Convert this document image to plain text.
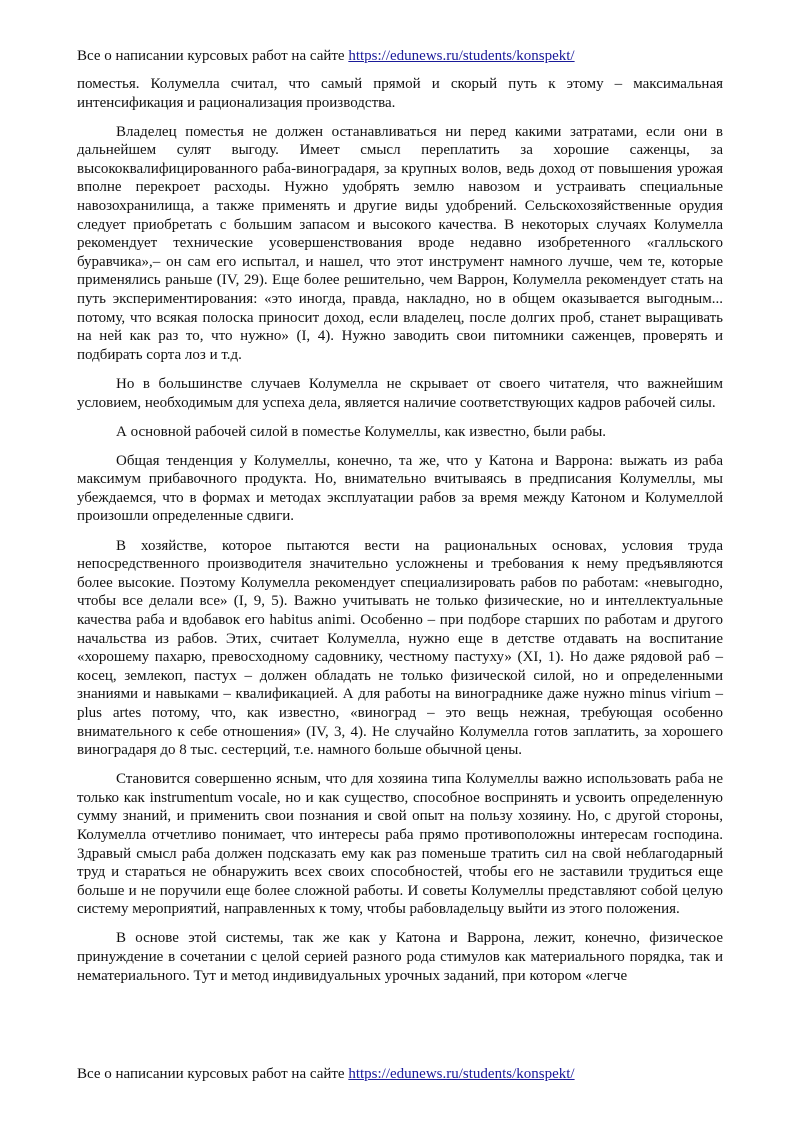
Все о написании курсовых работ на сайте https://edunews.ru/students/konspekt/

поместья. Колумелла считал, что самый прямой и скорый путь к этому – максимальная интенсификация и рационализация производства.

Владелец поместья не должен останавливаться ни перед какими затратами, если они в дальнейшем сулят выгоду. Имеет смысл переплатить за хорошие саженцы, за высококвалифицированного раба-виноградаря, за крупных волов, ведь доход от повышения урожая вполне перекроет расходы. Нужно удобрять землю навозом и устраивать специальные навозохранилища, а также применять и другие виды удобрений. Сельскохозяйственные орудия следует приобретать с большим запасом и высокого качества. В некоторых случаях Колумелла рекомендует технические усовершенствования вроде недавно изобретенного «галльского буравчика»,– он сам его испытал, и нашел, что этот инструмент намного лучше, чем те, которые применялись раньше (IV, 29). Еще более решительно, чем Варрон, Колумелла рекомендует стать на путь экспериментирования: «это иногда, правда, накладно, но в общем оказывается выгодным... потому, что всякая полоска приносит доход, если владелец, после долгих проб, станет выращивать на ней как раз то, что нужно» (I, 4). Нужно заводить свои питомники саженцев, проверять и подбирать сорта лоз и т.д.

Но в большинстве случаев Колумелла не скрывает от своего читателя, что важнейшим условием, необходимым для успеха дела, является наличие соответствующих кадров рабочей силы.

А основной рабочей силой в поместье Колумеллы, как известно, были рабы.

Общая тенденция у Колумеллы, конечно, та же, что у Катона и Варрона: выжать из раба максимум прибавочного продукта. Но, внимательно вчитываясь в предписания Колумеллы, мы убеждаемся, что в формах и методах эксплуатации рабов за время между Катоном и Колумеллой произошли определенные сдвиги.

В хозяйстве, которое пытаются вести на рациональных основах, условия труда непосредственного производителя значительно усложнены и требования к нему предъявляются более высокие. Поэтому Колумелла рекомендует специализировать рабов по работам: «невыгодно, чтобы все делали все» (I, 9, 5). Важно учитывать не только физические, но и интеллектуальные качества раба и вдобавок его habitus animi. Особенно – при подборе старших по работам и другого начальства из рабов. Этих, считает Колумелла, нужно еще в детстве отдавать на воспитание «хорошему пахарю, превосходному садовнику, честному пастуху» (XI, 1). Но даже рядовой раб – косец, землекоп, пастух – должен обладать не только физической силой, но и определенными знаниями и навыками – квалификацией. А для работы на винограднике даже нужно minus virium – plus artes потому, что, как известно, «виноград – это вещь нежная, требующая особенно внимательного к себе отношения» (IV, 3, 4). Не случайно Колумелла готов заплатить, за хорошего виноградаря до 8 тыс. сестерций, т.е. намного больше обычной цены.

Становится совершенно ясным, что для хозяина типа Колумеллы важно использовать раба не только как instrumentum vocale, но и как существо, способное воспринять и усвоить определенную сумму знаний, и применить свои познания и свой опыт на пользу хозяину. Но, с другой стороны, Колумелла отчетливо понимает, что интересы раба прямо противоположны интересам господина. Здравый смысл раба должен подсказать ему как раз поменьше тратить сил на свой неблагодарный труд и стараться не обнаружить всех своих способностей, чтобы его не заставили трудиться еще больше и не поручили еще более сложной работы. И советы Колумеллы представляют собой целую систему мероприятий, направленных к тому, чтобы рабовладельцу выйти из этого положения.

В основе этой системы, так же как у Катона и Варрона, лежит, конечно, физическое принуждение в сочетании с целой серией разного рода стимулов как материального порядка, так и нематериального. Тут и метод индивидуальных урочных заданий, при котором «легче

Все о написании курсовых работ на сайте https://edunews.ru/students/konspekt/
